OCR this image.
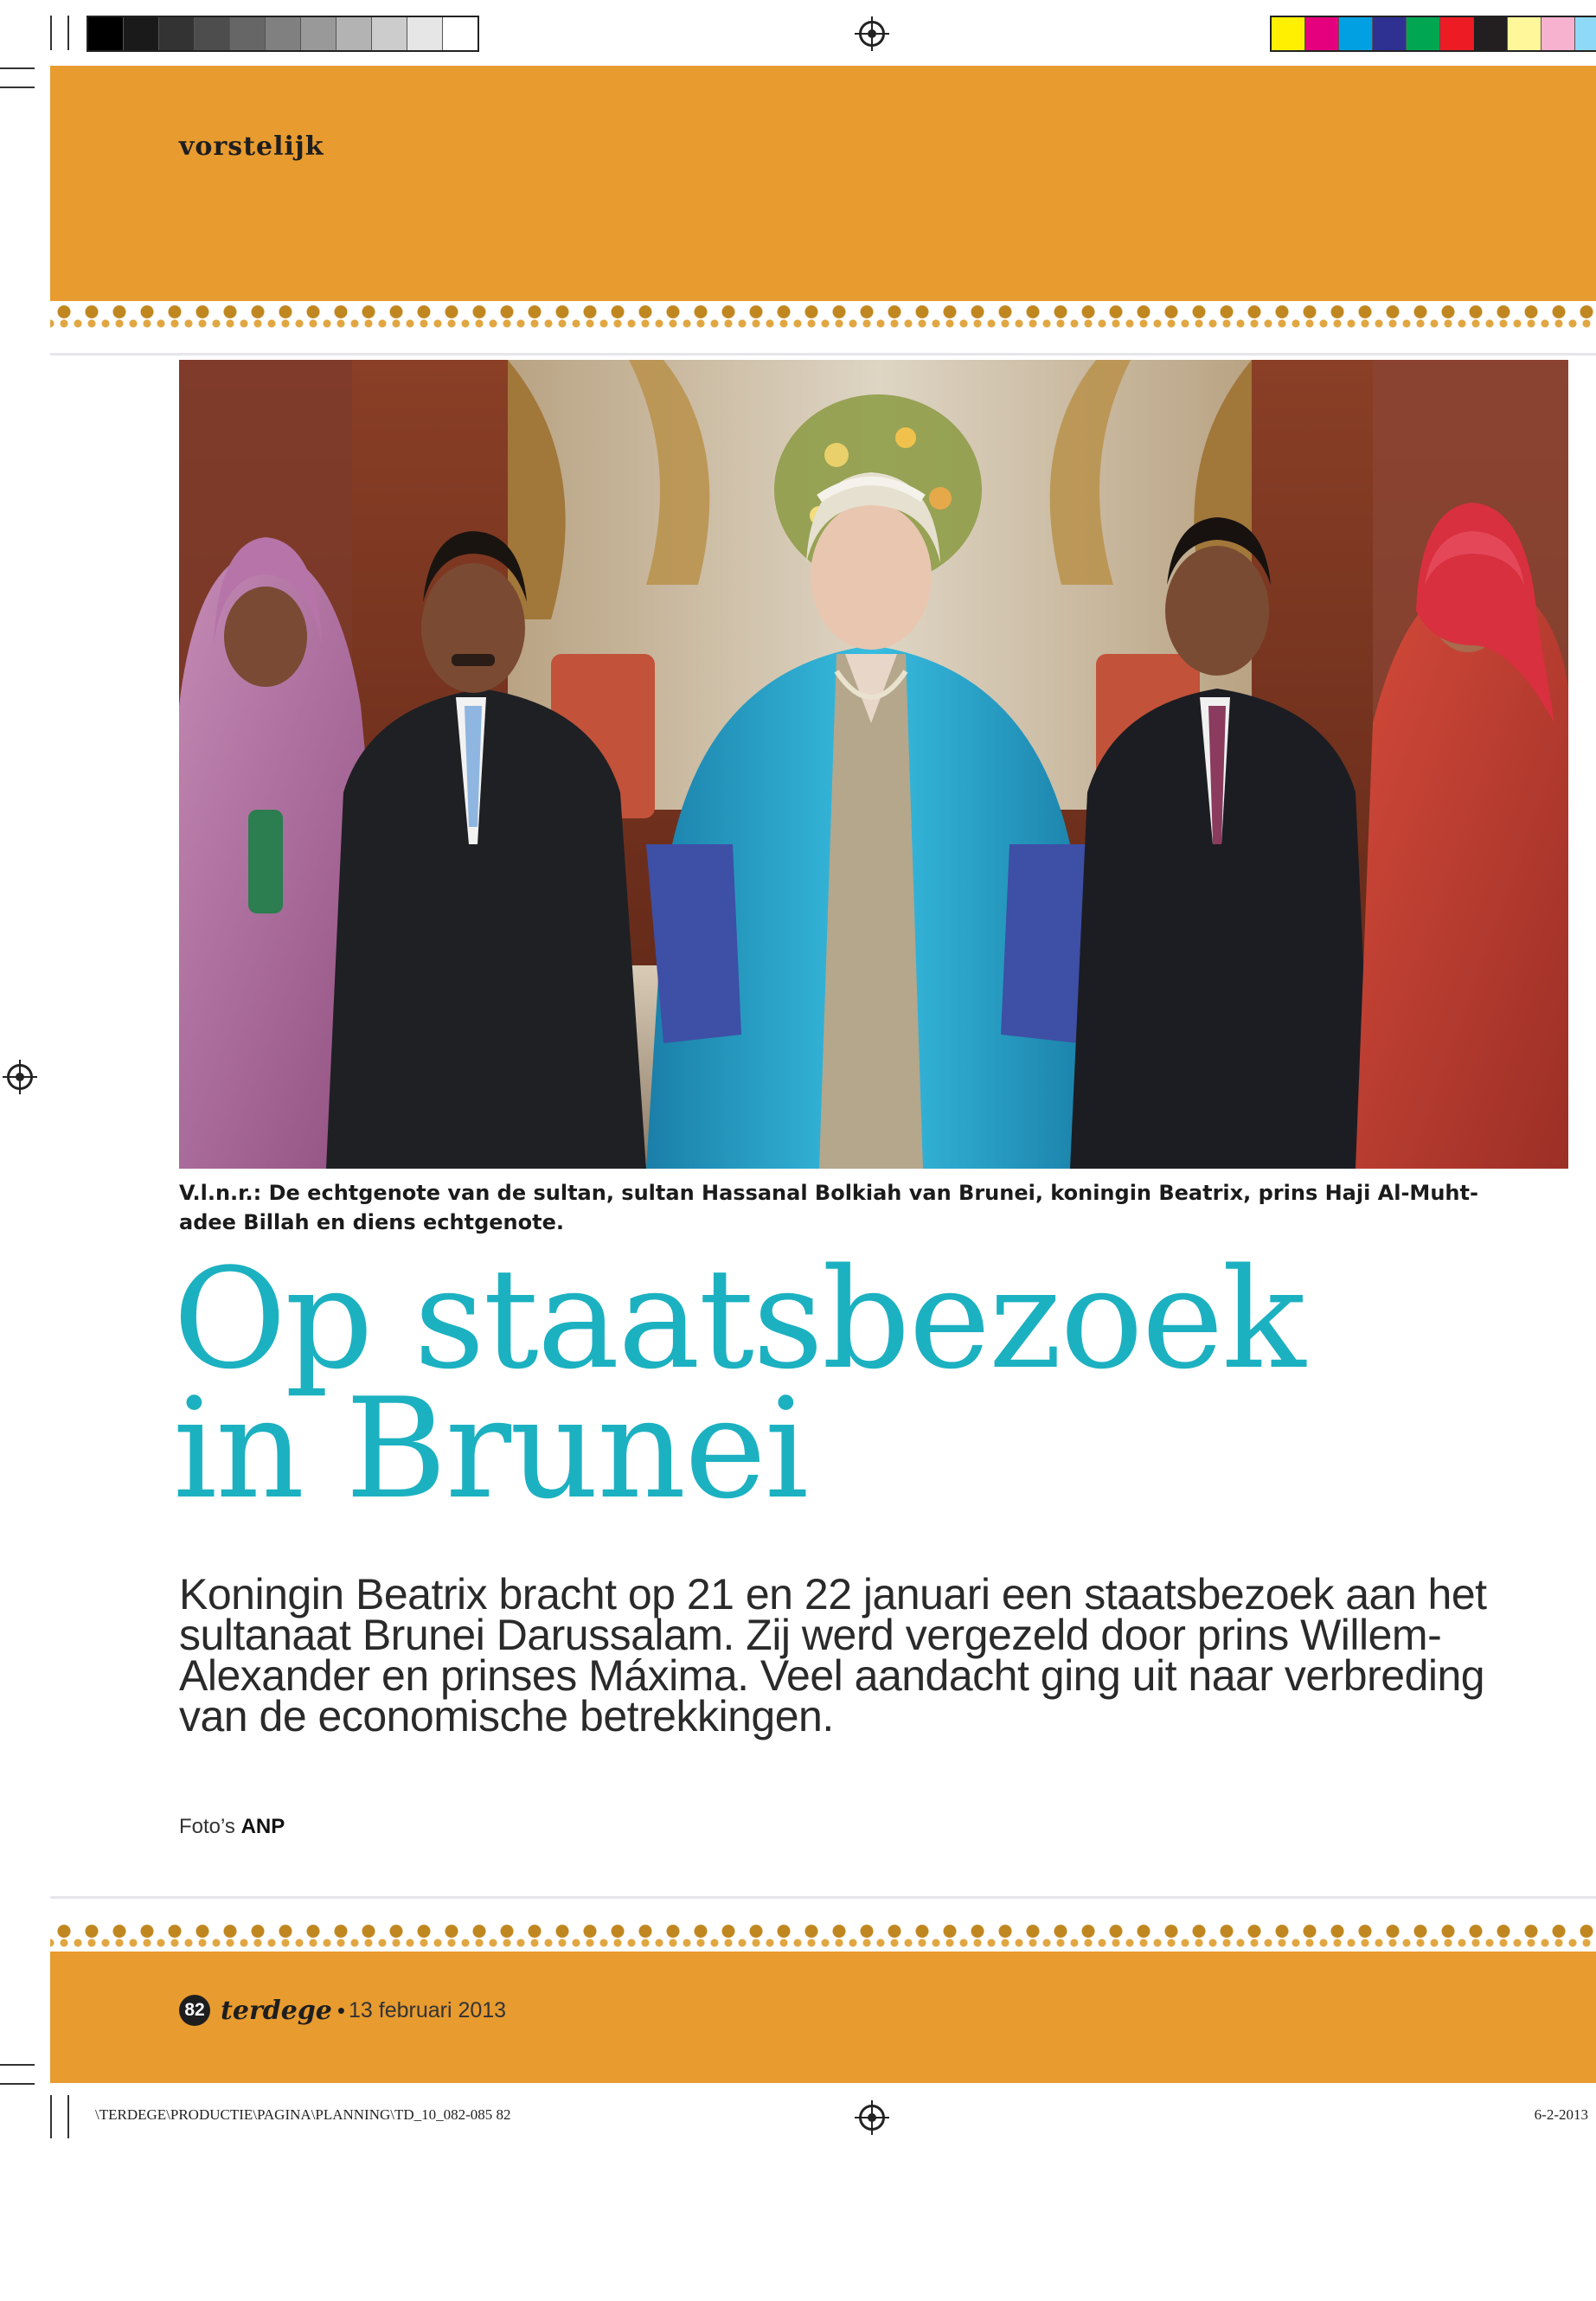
vorstelijk
V.l.n.r.: De echtgenote van de sultan, sultan Hassanal Bolkiah van Brunei, koningin Beatrix, prins Haji Al-Muht-adee Billah en diens echtgenote.
Op staatsbezoek
in Brunei
Koningin Beatrix bracht op 21 en 22 januari een staatsbezoek aan het sultanaat Brunei Darussalam. Zij werd vergezeld door prins Willem-Alexander en prinses Máxima. Veel aandacht ging uit naar verbreding van de economische betrekkingen.
Foto’s ANP
82 terdege • 13 februari 2013
\TERDEGE\PRODUCTIE\PAGINA\PLANNING\TD_10_082-085 82	6-2-2013
